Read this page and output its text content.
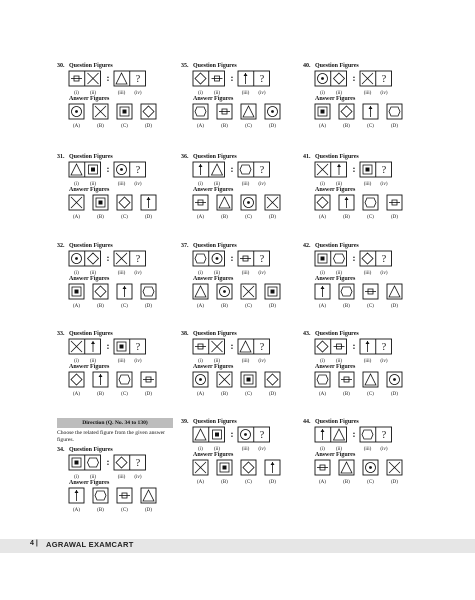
30. Question Figures
:	?
(i) (ii)	(iii) (iv)
Answer Figures
(A)	(B)	(C)	(D)
31. Question Figures
:	?
(i) (ii)	(iii) (iv)
Answer Figures
(A)	(B)	(C)	(D)
32. Question Figures
:	?
(i) (ii)	(iii) (iv)
Answer Figures
(A)	(B)	(C)	(D)
33. Question Figures
:	?
(i) (ii)	(iii) (iv)
Answer Figures
(A)	(B)	(C)	(D)
34. Question Figures
:	?
(i) (ii)	(iii) (iv)
Answer Figures
(A)	(B)	(C)	(D)
35. Question Figures
:	?
(i) (ii)	(iii) (iv)
Answer Figures
(A)	(B)	(C)	(D)
36. Question Figures
:	?
(i) (ii)	(iii) (iv)
Answer Figures
(A)	(B)	(C)	(D)
37. Question Figures
:	?
(i) (ii)	(iii) (iv)
Answer Figures
(A)	(B)	(C)	(D)
38. Question Figures
:	?
(i) (ii)	(iii) (iv)
Answer Figures
(A)	(B)	(C)	(D)
39. Question Figures
:	?
(i) (ii)	(iii) (iv)
Answer Figures
(A)	(B)	(C)	(D)
40. Question Figures
:	?
(i) (ii)	(iii) (iv)
Answer Figures
(A)	(B)	(C)	(D)
41. Question Figures
:	?
(i) (ii)	(iii) (iv)
Answer Figures
(A)	(B)	(C)	(D)
42. Question Figures
:	?
(i) (ii)	(iii) (iv)
Answer Figures
(A)	(B)	(C)	(D)
43. Question Figures
:	?
(i) (ii)	(iii) (iv)
Answer Figures
(A)	(B)	(C)	(D)
44. Question Figures
:	?
(i) (ii)	(iii) (iv)
Answer Figures
(A)	(B)	(C)	(D)
Direction (Q. No. 34 to 130)
Choose the related figure from the given answer figures.
4 | AGRAWAL EXAMCART
